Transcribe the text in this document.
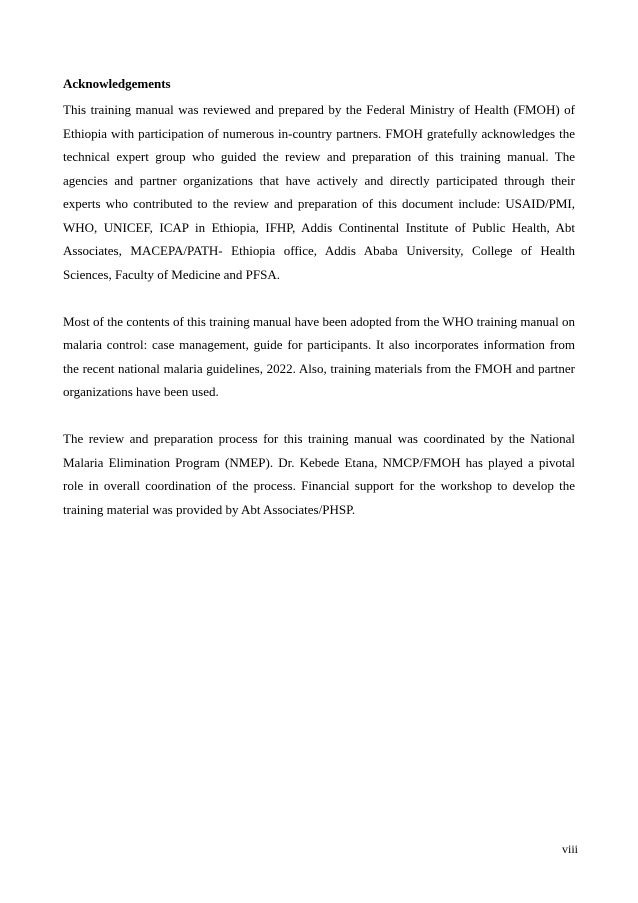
Acknowledgements

This training manual was reviewed and prepared by the Federal Ministry of Health (FMOH) of Ethiopia with participation of numerous in-country partners. FMOH gratefully acknowledges the technical expert group who guided the review and preparation of this training manual. The agencies and partner organizations that have actively and directly participated through their experts who contributed to the review and preparation of this document include: USAID/PMI, WHO, UNICEF, ICAP in Ethiopia, IFHP, Addis Continental Institute of Public Health, Abt Associates, MACEPA/PATH- Ethiopia office, Addis Ababa University, College of Health Sciences, Faculty of Medicine and PFSA.

Most of the contents of this training manual have been adopted from the WHO training manual on malaria control: case management, guide for participants. It also incorporates information from the recent national malaria guidelines, 2022. Also, training materials from the FMOH and partner organizations have been used.

The review and preparation process for this training manual was coordinated by the National Malaria Elimination Program (NMEP). Dr. Kebede Etana, NMCP/FMOH has played a pivotal role in overall coordination of the process. Financial support for the workshop to develop the training material was provided by Abt Associates/PHSP.

viii
